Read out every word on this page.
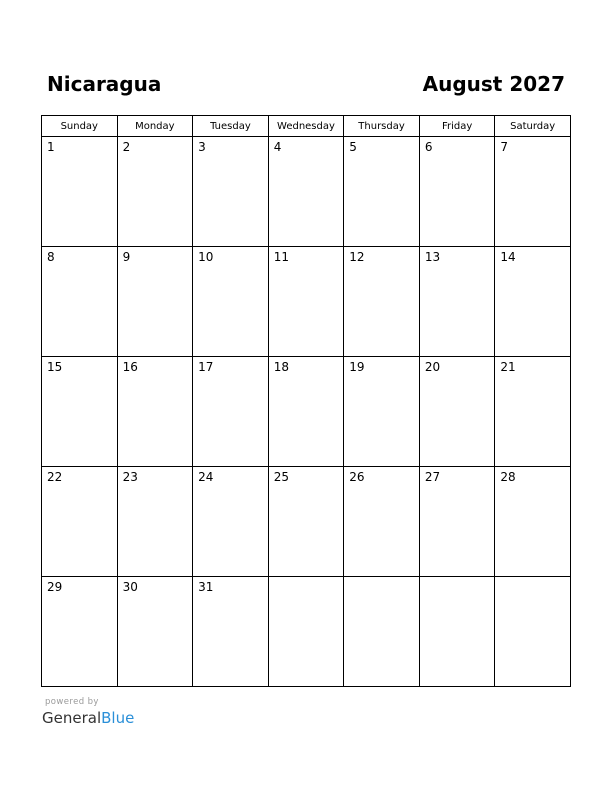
Nicaragua	August 2027
Sunday	Monday	Tuesday	Wednesday	Thursday	Friday	Saturday

1	2	3	4	5	6	7

8	9	10	11	12	13	14

15	16	17	18	19	20	21

22	23	24	25	26	27	28

29	30	31				

powered by
GeneralBlue
